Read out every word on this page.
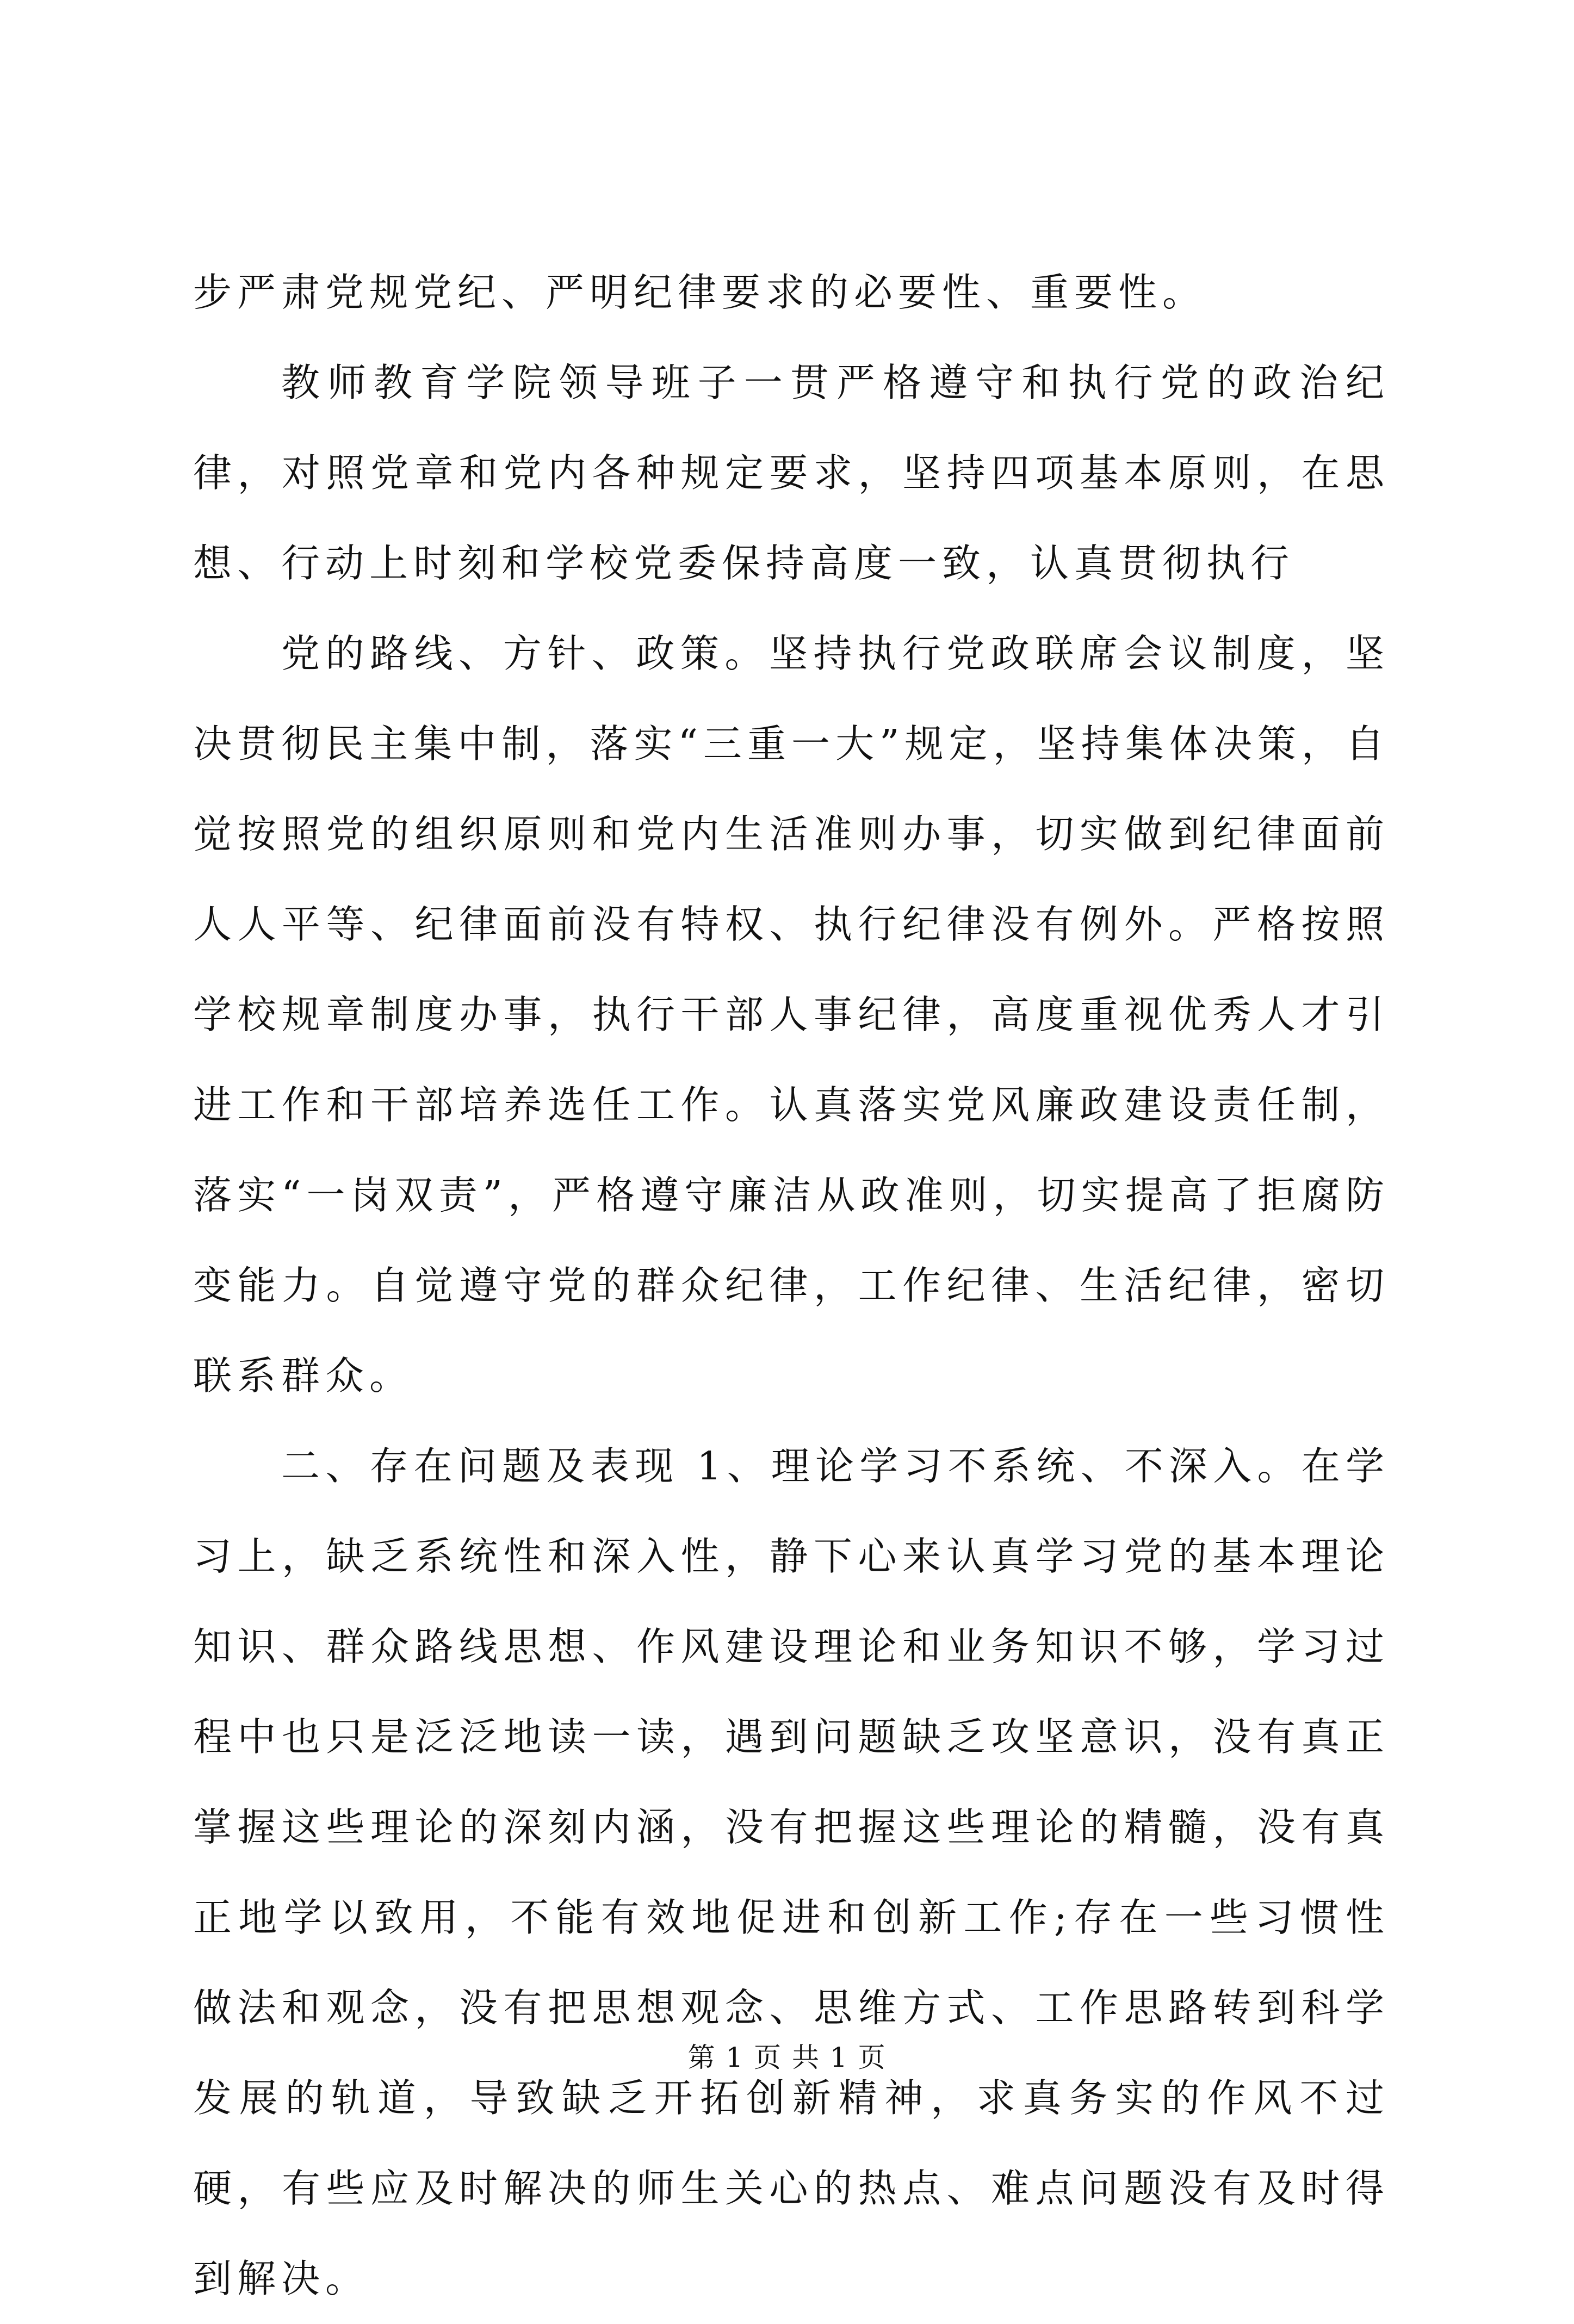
步严肃党规党纪、严明纪律要求的必要性、重要性。

教师教育学院领导班子一贯严格遵守和执行党的政治纪律，对照党章和党内各种规定要求，坚持四项基本原则，在思想、行动上时刻和学校党委保持高度一致，认真贯彻执行

党的路线、方针、政策。坚持执行党政联席会议制度，坚决贯彻民主集中制，落实“三重一大”规定，坚持集体决策，自觉按照党的组织原则和党内生活准则办事，切实做到纪律面前人人平等、纪律面前没有特权、执行纪律没有例外。严格按照学校规章制度办事，执行干部人事纪律，高度重视优秀人才引进工作和干部培养选任工作。认真落实党风廉政建设责任制，落实“一岗双责”，严格遵守廉洁从政准则，切实提高了拒腐防变能力。自觉遵守党的群众纪律，工作纪律、生活纪律，密切联系群众。

二、存在问题及表现 1、理论学习不系统、不深入。在学习上，缺乏系统性和深入性，静下心来认真学习党的基本理论知识、群众路线思想、作风建设理论和业务知识不够，学习过程中也只是泛泛地读一读，遇到问题缺乏攻坚意识，没有真正掌握这些理论的深刻内涵，没有把握这些理论的精髓，没有真正地学以致用，不能有效地促进和创新工作;存在一些习惯性做法和观念，没有把思想观念、思维方式、工作思路转到科学发展的轨道，导致缺乏开拓创新精神，求真务实的作风不过硬，有些应及时解决的师生关心的热点、难点问题没有及时得到解决。

第 1 页 共 1 页
